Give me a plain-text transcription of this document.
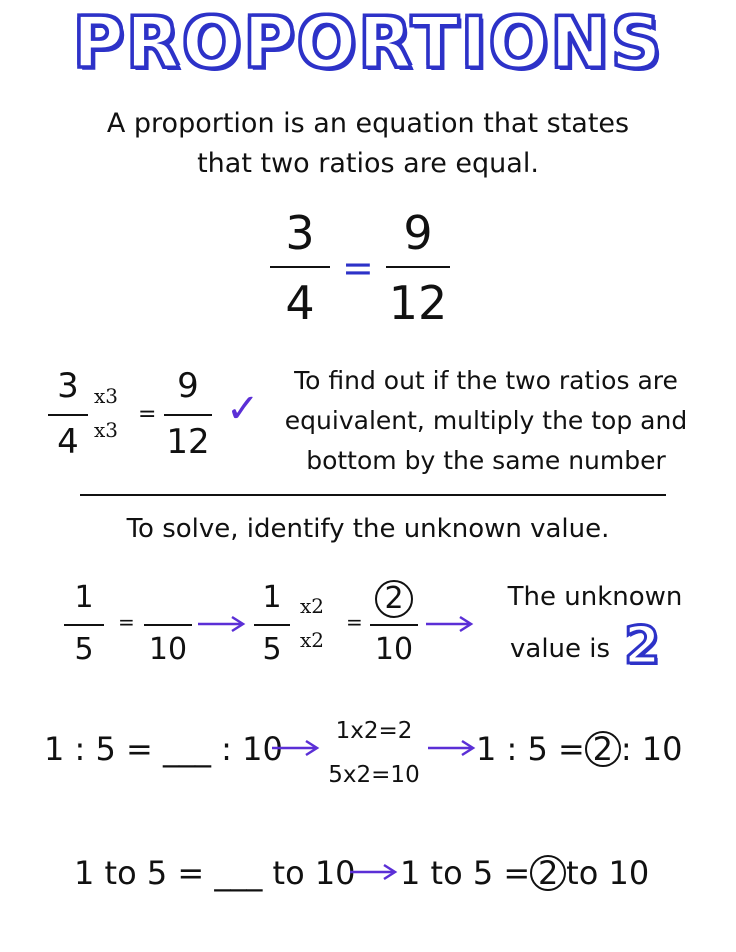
PROPORTIONS
A proportion is an equation that states
that two ratios are equal.
3
4
=
9
12
3
4
x3
x3
=
9
12
✓
To find out if the two ratios are
equivalent, multiply the top and
bottom by the same number
To solve, identify the unknown value.
1
5
=
10
1
5
x2
x2
=
2
10
The unknown
value is 2
1 : 5 = ___ : 10	1x2=2
5x2=10
1 : 5 = 2 : 10
1 to 5 = ___ to 10 1 to 5 = 2 to 10
